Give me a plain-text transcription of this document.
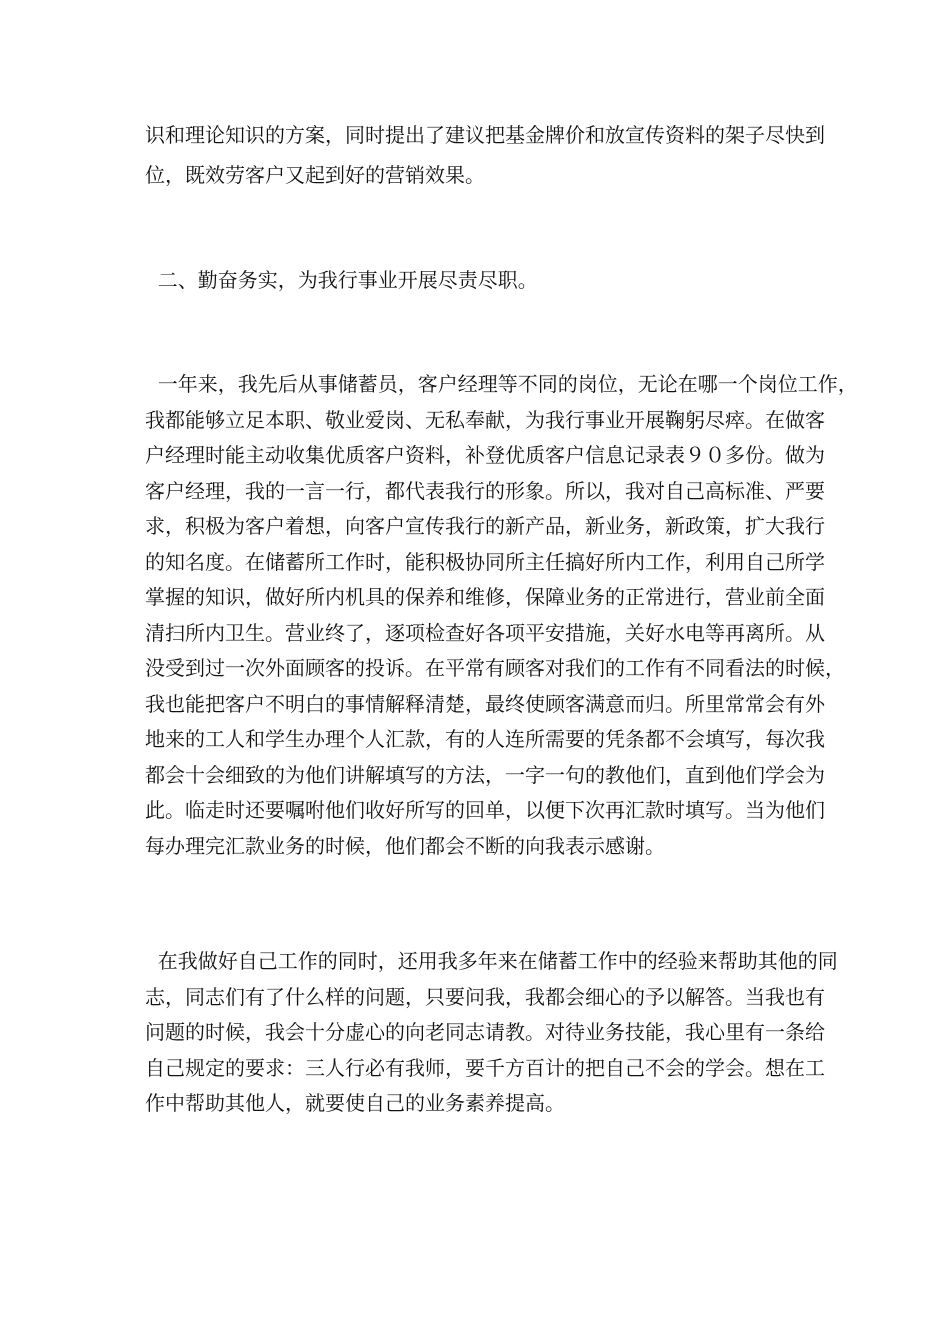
识和理论知识的方案，同时提出了建议把基金牌价和放宣传资料的架子尽快到
位，既效劳客户又起到好的营销效果。
二、勤奋务实，为我行事业开展尽责尽职。
一年来，我先后从事储蓄员，客户经理等不同的岗位，无论在哪一个岗位工作，
我都能够立足本职、敬业爱岗、无私奉献，为我行事业开展鞠躬尽瘁。在做客
户经理时能主动收集优质客户资料，补登优质客户信息记录表９０多份。做为
客户经理，我的一言一行，都代表我行的形象。所以，我对自己高标准、严要
求，积极为客户着想，向客户宣传我行的新产品，新业务，新政策，扩大我行
的知名度。在储蓄所工作时，能积极协同所主任搞好所内工作，利用自己所学
掌握的知识，做好所内机具的保养和维修，保障业务的正常进行，营业前全面
清扫所内卫生。营业终了，逐项检查好各项平安措施，关好水电等再离所。从
没受到过一次外面顾客的投诉。在平常有顾客对我们的工作有不同看法的时候，
我也能把客户不明白的事情解释清楚，最终使顾客满意而归。所里常常会有外
地来的工人和学生办理个人汇款，有的人连所需要的凭条都不会填写，每次我
都会十会细致的为他们讲解填写的方法，一字一句的教他们，直到他们学会为
此。临走时还要嘱咐他们收好所写的回单，以便下次再汇款时填写。当为他们
每办理完汇款业务的时候，他们都会不断的向我表示感谢。
在我做好自己工作的同时，还用我多年来在储蓄工作中的经验来帮助其他的同
志，同志们有了什么样的问题，只要问我，我都会细心的予以解答。当我也有
问题的时候，我会十分虚心的向老同志请教。对待业务技能，我心里有一条给
自己规定的要求：三人行必有我师，要千方百计的把自己不会的学会。想在工
作中帮助其他人，就要使自己的业务素养提高。
